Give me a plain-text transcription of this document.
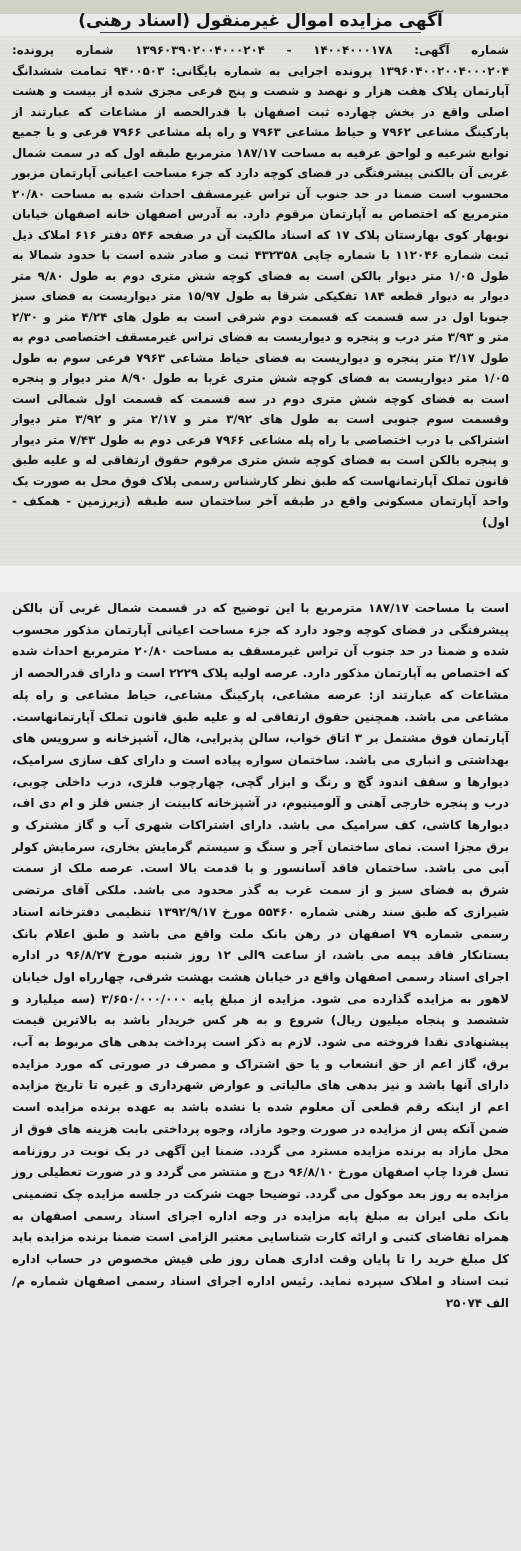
آگهی مزایده اموال غیرمنقول (اسناد رهنی)

شماره آگهی: ۱۴۰۰۴۰۰۰۱۷۸ - ۱۳۹۶۰۳۹۰۲۰۰۴۰۰۰۲۰۴ شماره پرونده: ۱۳۹۶۰۴۰۰۲۰۰۴۰۰۰۲۰۴ پرونده اجرایی به شماره بایگانی: ۹۴۰۰۵۰۳ تمامت ششدانگ آپارتمان پلاک هفت هزار و نهصد و شصت و پنج فرعی مجزی شده از بیست و هشت اصلی واقع در بخش چهارده ثبت اصفهان با قدرالحصه از مشاعات که عبارتند از پارکینگ مشاعی ۷۹۶۲ و حیاط مشاعی ۷۹۶۳ و راه پله مشاعی ۷۹۶۶ فرعی و با جمیع توابع شرعیه و لواحق عرفیه به مساحت ۱۸۷/۱۷ مترمربع طبقه اول که در سمت شمال غربی آن بالکنی پیشرفتگی در فضای کوچه دارد که جزء مساحت اعیانی آپارتمان مزبور محسوب است ضمنا در حد جنوب آن تراس غیرمسقف احداث شده به مساحت ۲۰/۸۰ مترمربع که اختصاص به آپارتمان مرقوم دارد. به آدرس اصفهان خانه اصفهان خیابان نوبهار کوی بهارستان پلاک ۱۷ که اسناد مالکیت آن در صفحه ۵۴۶ دفتر ۶۱۶ املاک ذیل ثبت شماره ۱۱۲۰۴۶ با شماره چاپی ۴۳۲۳۵۸ ثبت و صادر شده است با حدود شمالا به طول ۱/۰۵ متر دیوار بالکن است به فضای کوچه شش متری دوم به طول ۹/۸۰ متر دیوار به دیوار قطعه ۱۸۴ تفکیکی شرقا به طول ۱۵/۹۷ متر دیواریست به فضای سبز جنوبا اول در سه قسمت که قسمت دوم شرقی است به طول های ۴/۲۴ متر و ۲/۳۰ متر و ۳/۹۳ متر درب و پنجره و دیواریست به فضای تراس غیرمسقف اختصاصی دوم به طول ۲/۱۷ متر پنجره و دیواریست به فضای حیاط مشاعی ۷۹۶۳ فرعی سوم به طول ۱/۰۵ متر دیواریست به فضای کوچه شش متری غربا به طول ۸/۹۰ متر دیوار و پنجره است به فضای کوچه شش متری دوم در سه قسمت که قسمت اول شمالی است وقسمت سوم جنوبی است به طول های ۳/۹۲ متر و ۲/۱۷ متر و ۳/۹۲ متر دیوار اشتراکی با درب اختصاصی با راه پله مشاعی ۷۹۶۶ فرعی دوم به طول ۷/۴۳ متر دیوار و پنجره بالکن است به فضای کوچه شش متری مرقوم حقوق ارتفاقی له و علیه طبق قانون تملک آپارتمانهاست که طبق نظر کارشناس رسمی پلاک فوق محل به صورت یک واحد آپارتمان مسکونی واقع در طبقه آخر ساختمان سه طبقه (زیرزمین - همکف - اول)

است با مساحت ۱۸۷/۱۷ مترمربع با این توضیح که در قسمت شمال غربی آن بالکن پیشرفتگی در فضای کوچه وجود دارد که جزء مساحت اعیانی آپارتمان مذکور محسوب شده و ضمنا در حد جنوب آن تراس غیرمسقف به مساحت ۲۰/۸۰ مترمربع احداث شده که اختصاص به آپارتمان مذکور دارد. عرصه اولیه پلاک ۲۲۲۹ است و دارای قدرالحصه از مشاعات که عبارتند از: عرصه مشاعی، پارکینگ مشاعی، حیاط مشاعی و راه پله مشاعی می باشد. همچنین حقوق ارتفاقی له و علیه طبق قانون تملک آپارتمانهاست. آپارتمان فوق مشتمل بر ۳ اتاق خواب، سالن پذیرایی، هال، آشپزخانه و سرویس های بهداشتی و انباری می باشد. ساختمان سواره پیاده است و دارای کف سازی سرامیک، دیوارها و سقف اندود گچ و رنگ و ابزار گچی، چهارچوب فلزی، درب داخلی چوبی، درب و پنجره خارجی آهنی و آلومینیوم، در آشپزخانه کابینت از جنس فلز و ام دی اف، دیوارها کاشی، کف سرامیک می باشد. دارای اشتراکات شهری آب و گاز مشترک و برق مجزا است. نمای ساختمان آجر و سنگ و سیستم گرمایش بخاری، سرمایش کولر آبی می باشد. ساختمان فاقد آسانسور و با قدمت بالا است. عرصه ملک از سمت شرق به فضای سبز و از سمت غرب به گذر محدود می باشد. ملکی آقای مرتضی شیرازی که طبق سند رهنی شماره ۵۵۴۶۰ مورخ ۱۳۹۲/۹/۱۷ تنظیمی دفترخانه اسناد رسمی شماره ۷۹ اصفهان در رهن بانک ملت واقع می باشد و طبق اعلام بانک بستانکار فاقد بیمه می باشد، از ساعت ۹الی ۱۲ روز شنبه مورخ ۹۶/۸/۲۷ در اداره اجرای اسناد رسمی اصفهان واقع در خیابان هشت بهشت شرقی، چهارراه اول خیابان لاهور به مزایده گذارده می شود. مزایده از مبلغ پایه ۳/۶۵۰/۰۰۰/۰۰۰ (سه میلیارد و ششصد و پنجاه میلیون ریال) شروع و به هر کس خریدار باشد به بالاترین قیمت پیشنهادی نقدا فروخته می شود. لازم به ذکر است پرداخت بدهی های مربوط به آب، برق، گاز اعم از حق انشعاب و یا حق اشتراک و مصرف در صورتی که مورد مزایده دارای آنها باشد و نیز بدهی های مالیاتی و عوارض شهرداری و غیره تا تاریخ مزایده اعم از اینکه رقم قطعی آن معلوم شده یا نشده باشد به عهده برنده مزایده است ضمن آنکه پس از مزایده در صورت وجود مازاد، وجوه پرداختی بابت هزینه های فوق از محل مازاد به برنده مزایده مسترد می گردد. ضمنا این آگهی در یک نوبت در روزنامه نسل فردا چاپ اصفهان مورخ ۹۶/۸/۱۰ درج و منتشر می گردد و در صورت تعطیلی روز مزایده به روز بعد موکول می گردد. توضیحا جهت شرکت در جلسه مزایده چک تضمینی بانک ملی ایران به مبلغ پایه مزایده در وجه اداره اجرای اسناد رسمی اصفهان به همراه تقاضای کتبی و ارائه کارت شناسایی معتبر الزامی است ضمنا برنده مزایده باید کل مبلغ خرید را تا پایان وقت اداری همان روز طی فیش مخصوص در حساب اداره ثبت اسناد و املاک سپرده نماید. رئیس اداره اجرای اسناد رسمی اصفهان شماره م/الف ۲۵۰۷۴
